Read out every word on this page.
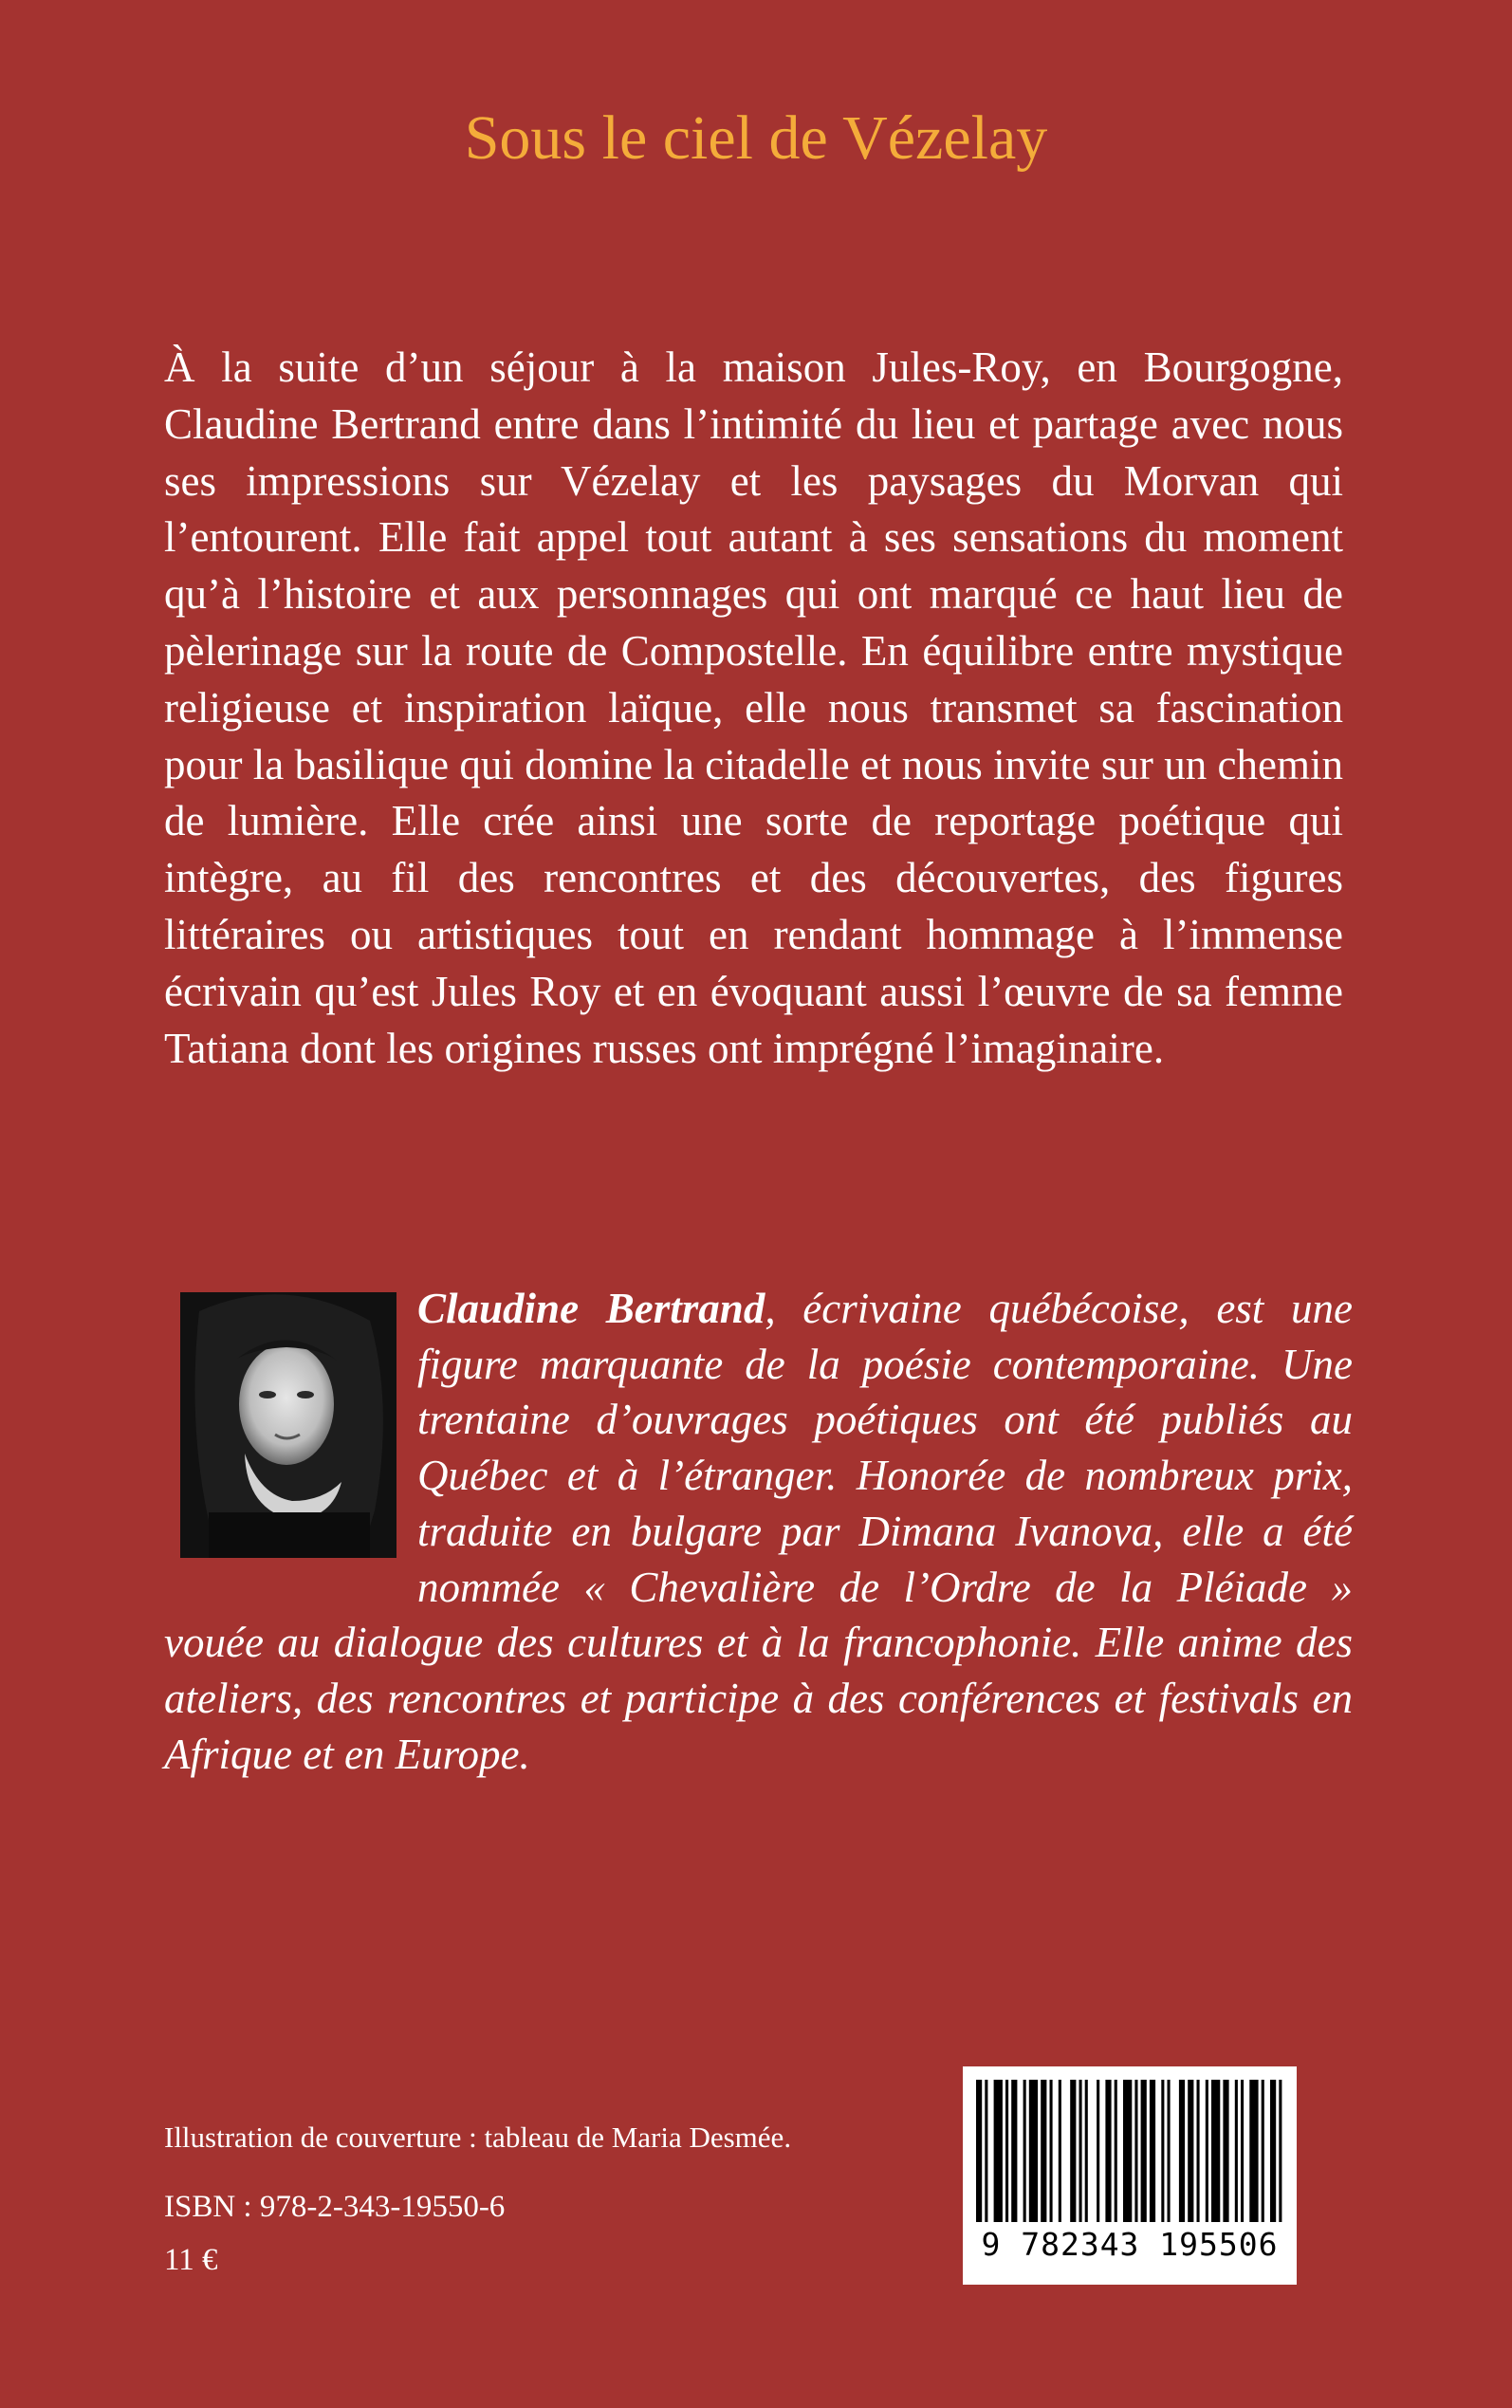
Sous le ciel de Vézelay

À la suite d’un séjour à la maison Jules-Roy, en Bourgogne, Claudine Bertrand entre dans l’intimité du lieu et partage avec nous ses impressions sur Vézelay et les paysages du Morvan qui l’entourent. Elle fait appel tout autant à ses sensations du moment qu’à l’histoire et aux personnages qui ont marqué ce haut lieu de pèlerinage sur la route de Compostelle. En équilibre entre mystique religieuse et inspiration laïque, elle nous transmet sa fascination pour la basilique qui domine la citadelle et nous invite sur un chemin de lumière. Elle crée ainsi une sorte de reportage poétique qui intègre, au fil des rencontres et des découvertes, des figures littéraires ou artistiques tout en rendant hommage à l’immense écrivain qu’est Jules Roy et en évoquant aussi l’œuvre de sa femme Tatiana dont les origines russes ont imprégné l’imaginaire.

Claudine Bertrand, écrivaine québécoise, est une figure marquante de la poésie contemporaine. Une trentaine d’ouvrages poétiques ont été publiés au Québec et à l’étranger. Honorée de nombreux prix, traduite en bulgare par Dimana Ivanova, elle a été nommée « Chevalière de l’Ordre de la Pléiade » vouée au dialogue des cultures et à la francophonie. Elle anime des ateliers, des rencontres et participe à des conférences et festivals en Afrique et en Europe.

Illustration de couverture : tableau de Maria Desmée.

ISBN : 978-2-343-19550-6

11 €	9 782343 195506
